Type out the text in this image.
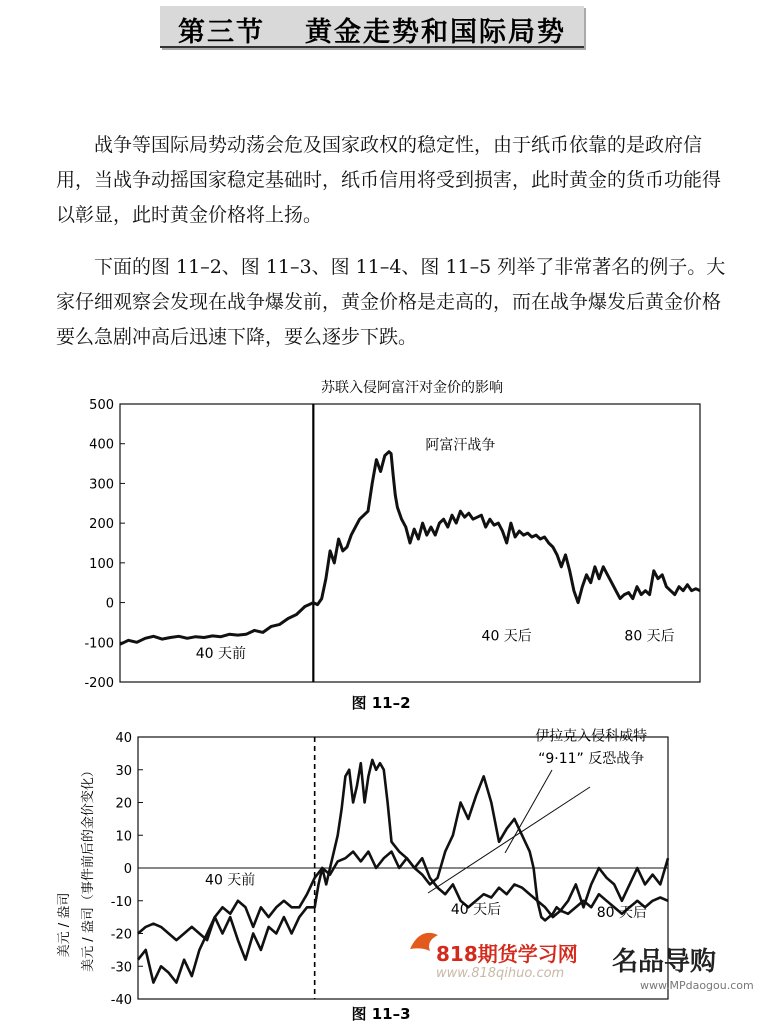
第三节 黄金走势和国际局势
战争等国际局势动荡会危及国家政权的稳定性，由于纸币依靠的是政府信用，当战争动摇国家稳定基础时，纸币信用将受到损害，此时黄金的货币功能得以彰显，此时黄金价格将上扬。
下面的图 11–2、图 11–3、图 11–4、图 11–5 列举了非常著名的例子。大家仔细观察会发现在战争爆发前，黄金价格是走高的，而在战争爆发后黄金价格要么急剧冲高后迅速下降，要么逐步下跌。
苏联入侵阿富汗对金价的影响
-200
-100
0
100
200
300
400
500
美元 / 盎司
阿富汗战争
40 天前
40 天后	80 天后
图 11–2
-40
-30
-20
-10
0
10
20
30
40
美元 / 盎司（事件前后的金价变化）
伊拉克入侵科威特
“9·11” 反恐战争
40 天前
40 天后	80 天后
图 11–3
818期货学习网
www.818qihuo.com 名品导购
www.MPdaogou.com
